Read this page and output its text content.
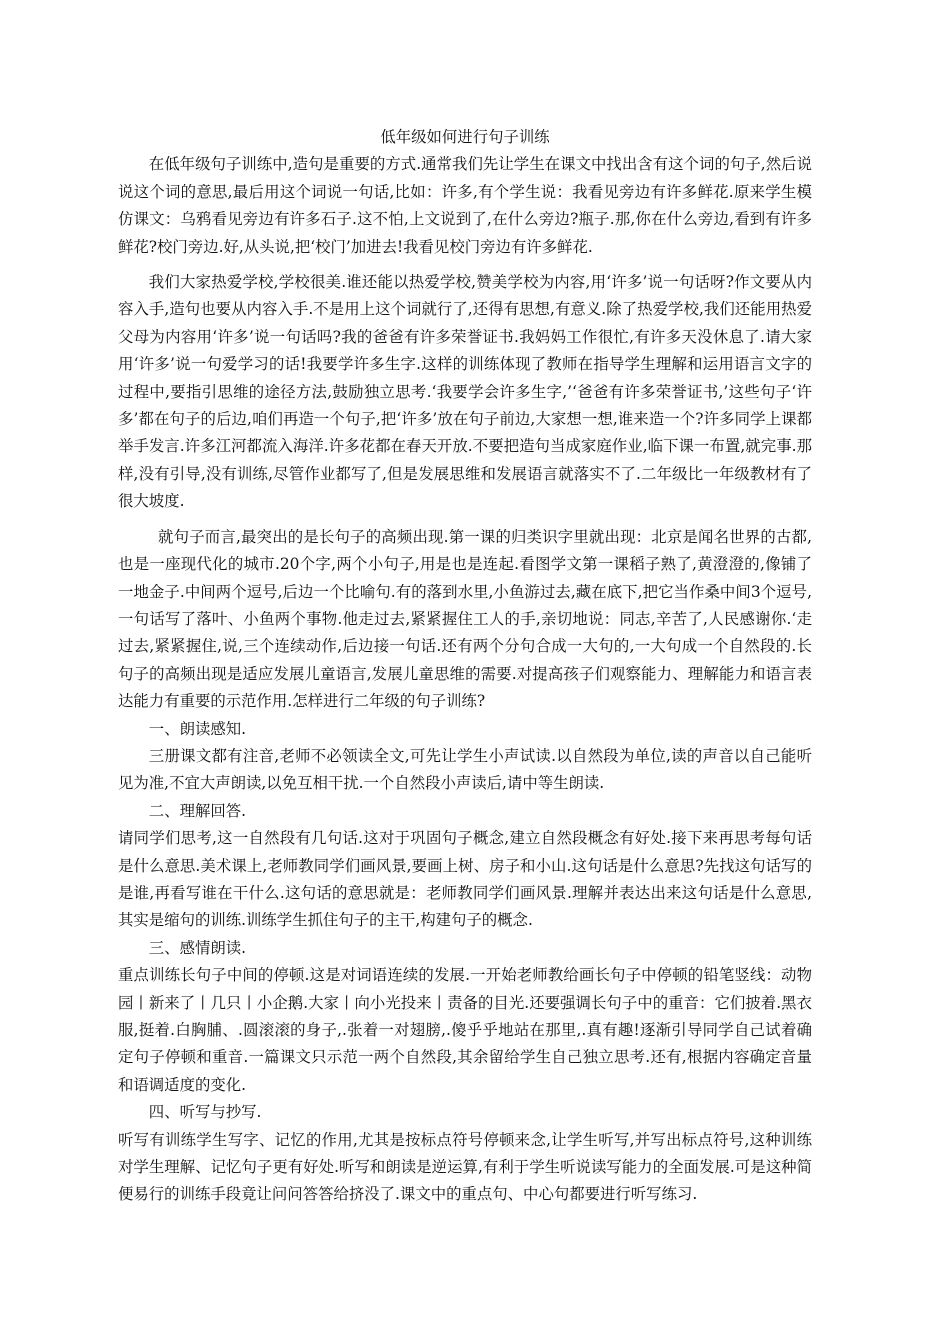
低年级如何进行句子训练

在低年级句子训练中,造句是重要的方式.通常我们先让学生在课文中找出含有这个词的句子,然后说说这个词的意思,最后用这个词说一句话,比如：许多,有个学生说：我看见旁边有许多鲜花.原来学生模仿课文：乌鸦看见旁边有许多石子.这不怕,上文说到了,在什么旁边?瓶子.那,你在什么旁边,看到有许多鲜花?校门旁边.好,从头说,把‘校门’加进去!我看见校门旁边有许多鲜花.

我们大家热爱学校,学校很美.谁还能以热爱学校,赞美学校为内容,用‘许多’说一句话呀?作文要从内容入手,造句也要从内容入手.不是用上这个词就行了,还得有思想,有意义.除了热爱学校,我们还能用热爱父母为内容用‘许多’说一句话吗?我的爸爸有许多荣誉证书.我妈妈工作很忙,有许多天没休息了.请大家用‘许多’说一句爱学习的话!我要学许多生字.这样的训练体现了教师在指导学生理解和运用语言文字的过程中,要指引思维的途径方法,鼓励独立思考.‘我要学会许多生字,’‘爸爸有许多荣誉证书,’这些句子‘许多’都在句子的后边,咱们再造一个句子,把‘许多’放在句子前边,大家想一想,谁来造一个?许多同学上课都举手发言.许多江河都流入海洋.许多花都在春天开放.不要把造句当成家庭作业,临下课一布置,就完事.那样,没有引导,没有训练,尽管作业都写了,但是发展思维和发展语言就落实不了.二年级比一年级教材有了很大坡度.

就句子而言,最突出的是长句子的高频出现.第一课的归类识字里就出现：北京是闻名世界的古都,也是一座现代化的城市.20个字,两个小句子,用是也是连起.看图学文第一课稻子熟了,黄澄澄的,像铺了一地金子.中间两个逗号,后边一个比喻句.有的落到水里,小鱼游过去,藏在底下,把它当作桑中间3个逗号,一句话写了落叶、小鱼两个事物.他走过去,紧紧握住工人的手,亲切地说：同志,辛苦了,人民感谢你.‘走过去,紧紧握住,说,三个连续动作,后边接一句话.还有两个分句合成一大句的,一大句成一个自然段的.长句子的高频出现是适应发展儿童语言,发展儿童思维的需要.对提高孩子们观察能力、理解能力和语言表达能力有重要的示范作用.怎样进行二年级的句子训练?

一、朗读感知.

三册课文都有注音,老师不必领读全文,可先让学生小声试读.以自然段为单位,读的声音以自己能听见为准,不宜大声朗读,以免互相干扰.一个自然段小声读后,请中等生朗读.

二、理解回答.

请同学们思考,这一自然段有几句话.这对于巩固句子概念,建立自然段概念有好处.接下来再思考每句话是什么意思.美术课上,老师教同学们画风景,要画上树、房子和小山.这句话是什么意思?先找这句话写的是谁,再看写谁在干什么.这句话的意思就是：老师教同学们画风景.理解并表达出来这句话是什么意思,其实是缩句的训练.训练学生抓住句子的主干,构建句子的概念.

三、感情朗读.

重点训练长句子中间的停顿.这是对词语连续的发展.一开始老师教给画长句子中停顿的铅笔竖线：动物园丨新来了丨几只丨小企鹅.大家丨向小光投来丨责备的目光.还要强调长句子中的重音：它们披着.黑衣服,挺着.白胸脯、.圆滚滚的身子,.张着一对翅膀,.傻乎乎地站在那里,.真有趣!逐渐引导同学自己试着确定句子停顿和重音.一篇课文只示范一两个自然段,其余留给学生自己独立思考.还有,根据内容确定音量和语调适度的变化.

四、听写与抄写.

听写有训练学生写字、记忆的作用,尤其是按标点符号停顿来念,让学生听写,并写出标点符号,这种训练对学生理解、记忆句子更有好处.听写和朗读是逆运算,有利于学生听说读写能力的全面发展.可是这种简便易行的训练手段竟让问问答答给挤没了.课文中的重点句、中心句都要进行听写练习.
